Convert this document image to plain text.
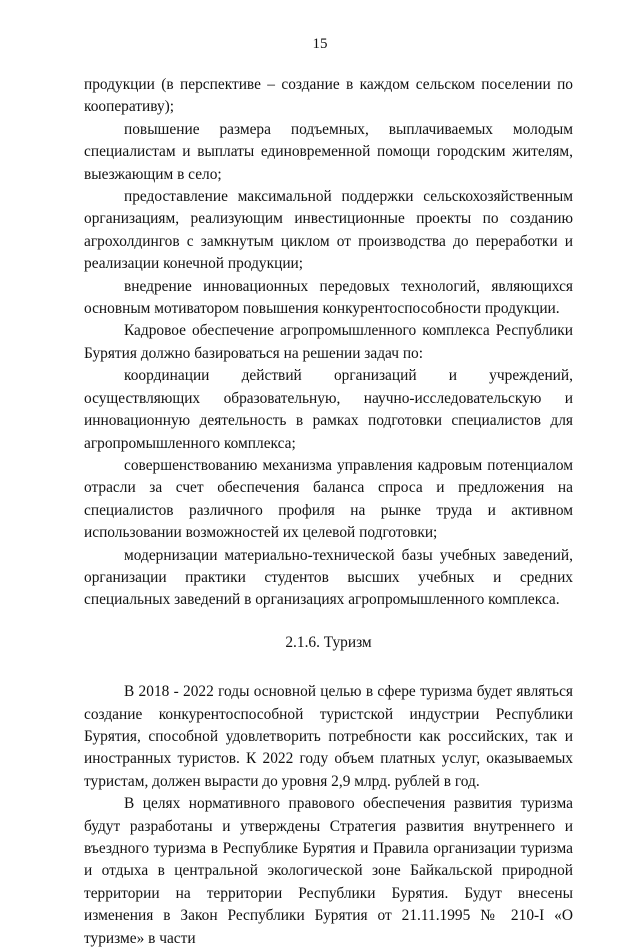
15

продукции (в перспективе – создание в каждом сельском поселении по кооперативу);

повышение размера подъемных, выплачиваемых молодым специалистам и выплаты единовременной помощи городским жителям, выезжающим в село;

предоставление максимальной поддержки сельскохозяйственным организациям, реализующим инвестиционные проекты по созданию агрохолдингов с замкнутым циклом от производства до переработки и реализации конечной продукции;

внедрение инновационных передовых технологий, являющихся основным мотиватором повышения конкурентоспособности продукции.

Кадровое обеспечение агропромышленного комплекса Республики Бурятия должно базироваться на решении задач по:

координации действий организаций и учреждений, осуществляющих образовательную, научно-исследовательскую и инновационную деятельность в рамках подготовки специалистов для агропромышленного комплекса;

совершенствованию механизма управления кадровым потенциалом отрасли за счет обеспечения баланса спроса и предложения на специалистов различного профиля на рынке труда и активном использовании возможностей их целевой подготовки;

модернизации материально-технической базы учебных заведений, организации практики студентов высших учебных и средних специальных заведений в организациях агропромышленного комплекса.

2.1.6. Туризм

В 2018 - 2022 годы основной целью в сфере туризма будет являться создание конкурентоспособной туристской индустрии Республики Бурятия, способной удовлетворить потребности как российских, так и иностранных туристов. К 2022 году объем платных услуг, оказываемых туристам, должен вырасти до уровня 2,9 млрд. рублей в год.

В целях нормативного правового обеспечения развития туризма будут разработаны и утверждены Стратегия развития внутреннего и въездного туризма в Республике Бурятия и Правила организации туризма и отдыха в центральной экологической зоне Байкальской природной территории на территории Республики Бурятия. Будут внесены изменения в Закон Республики Бурятия от 21.11.1995 № 210-I «О туризме» в части
